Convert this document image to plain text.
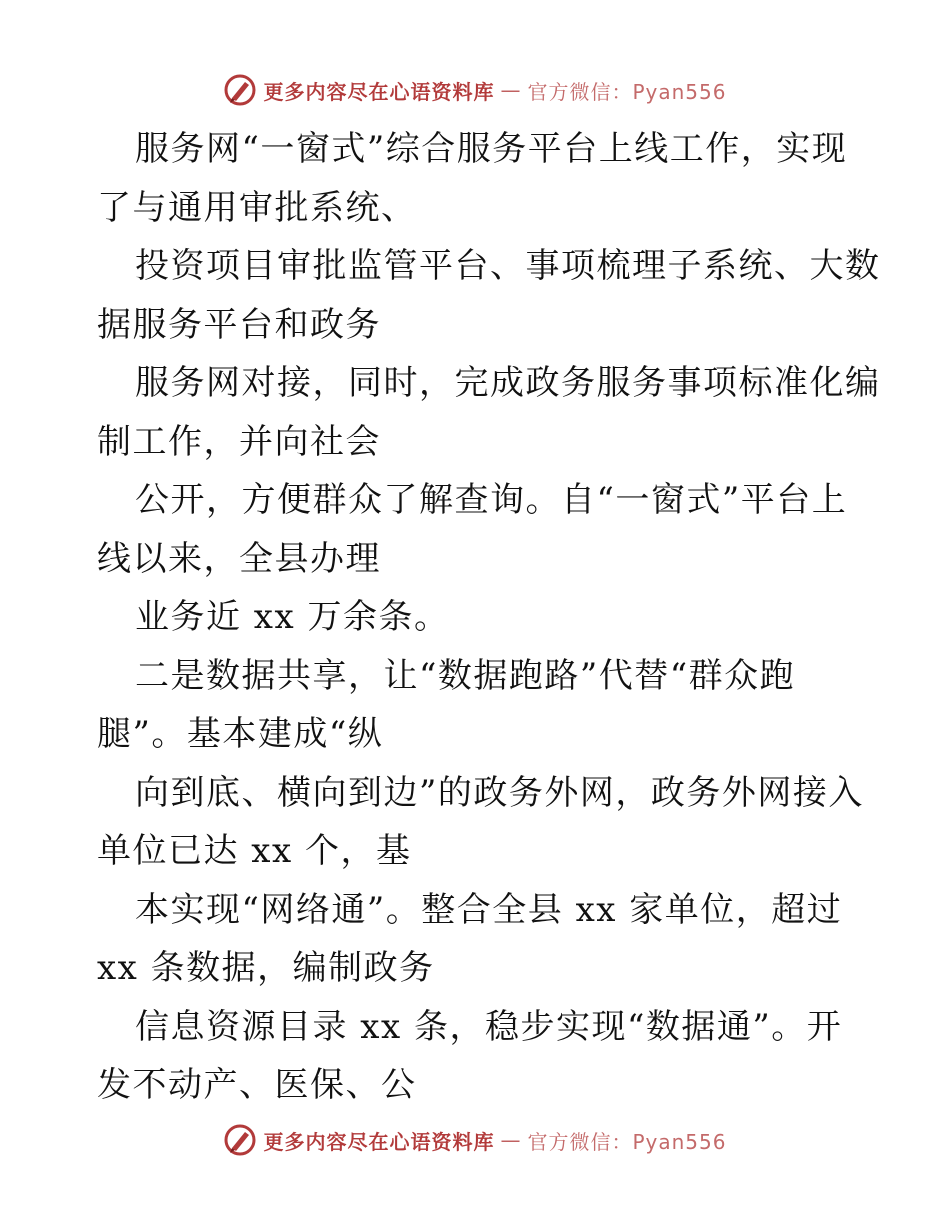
更多内容尽在心语资料库 — 官方微信：Pyan556
服务网“一窗式”综合服务平台上线工作，实现
了与通用审批系统、
投资项目审批监管平台、事项梳理子系统、大数
据服务平台和政务
服务网对接，同时，完成政务服务事项标准化编
制工作，并向社会
公开，方便群众了解查询。自“一窗式”平台上
线以来，全县办理
业务近 xx 万余条。
二是数据共享，让“数据跑路”代替“群众跑
腿”。基本建成“纵
向到底、横向到边”的政务外网，政务外网接入
单位已达 xx 个，基
本实现“网络通”。整合全县 xx 家单位，超过
xx 条数据，编制政务
信息资源目录 xx 条，稳步实现“数据通”。开
发不动产、医保、公
更多内容尽在心语资料库 — 官方微信：Pyan556
